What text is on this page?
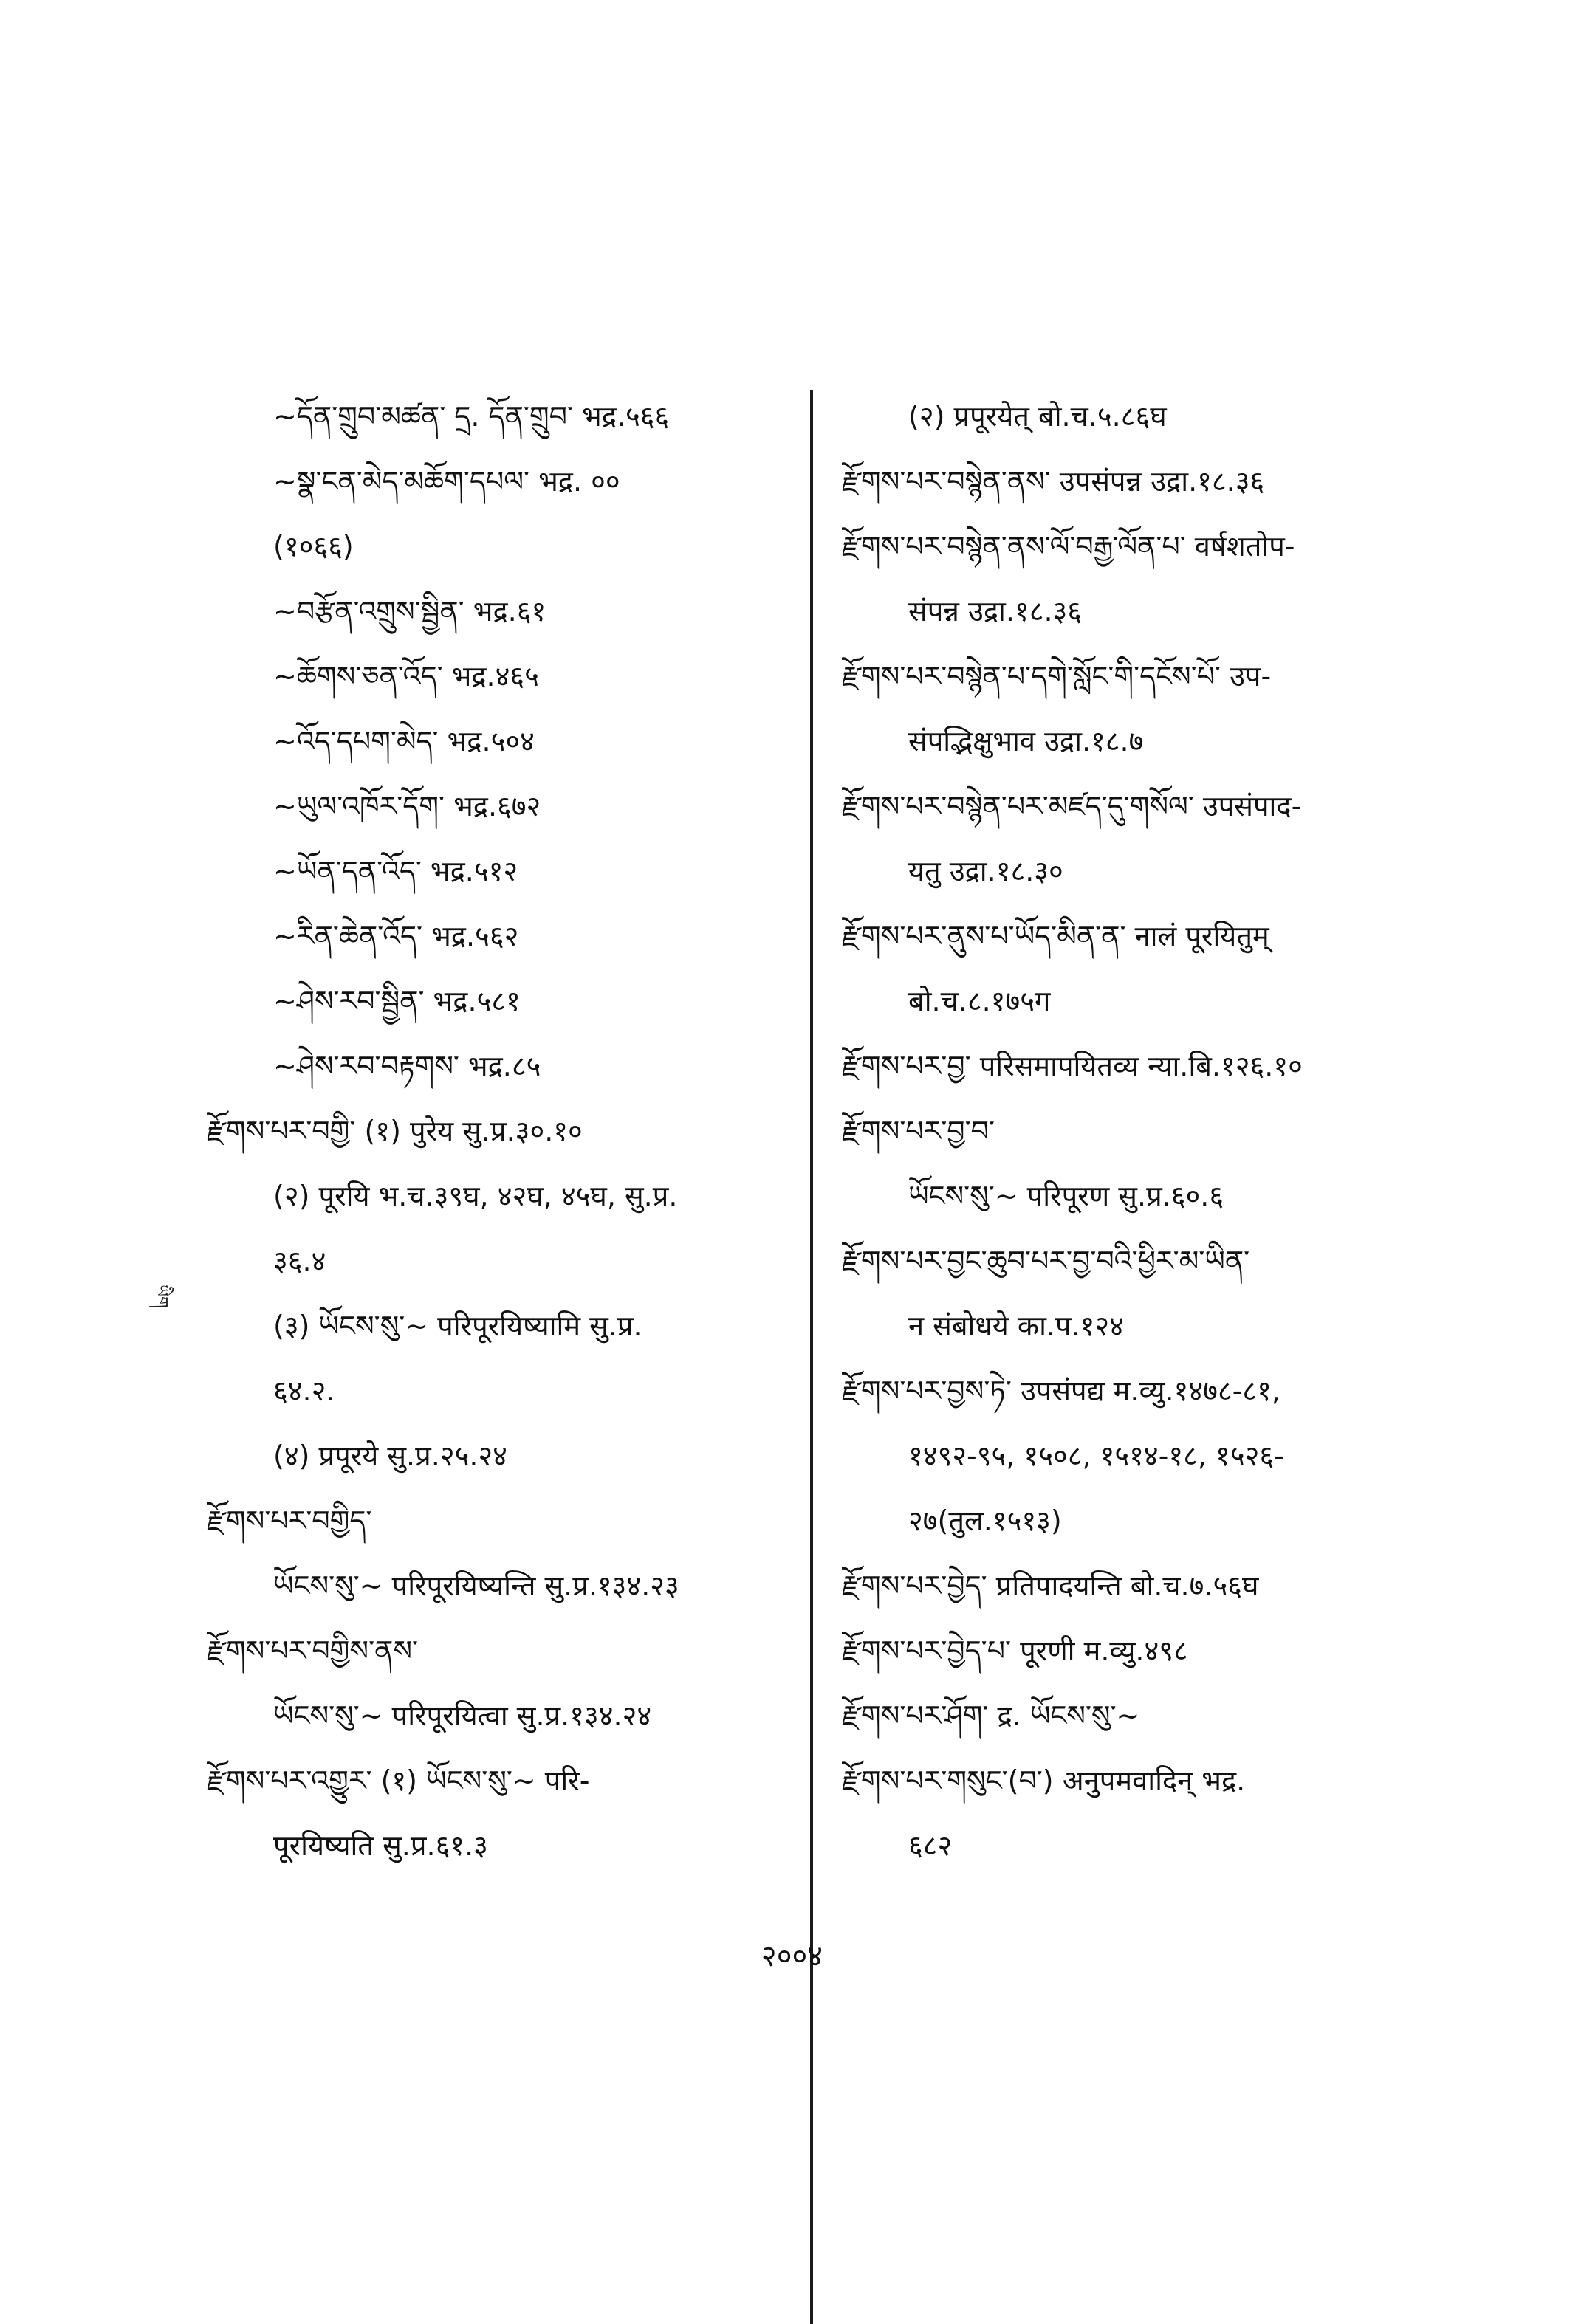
~དོན་གྲུབ་མཚན་ དྲ. དོན་གྲུབ་ भद्र.५६६
~སྣ་ངན་མེད་མཆོག་དཔལ་ भद्र. ००
(१०६६)
~བརྩོན་འགྲུས་སྦྱིན་ भद्र.६१
~ཆོགས་ཅན་འོད་ भद्र.४६५
~འོད་དཔག་མེད་ भद्र.५०४
~ཡུལ་འཁོར་དོག་ भद्र.६७२
~ཡོན་དན་འོད་ भद्र.५१२
~རིན་ཆེན་འོད་ भद्र.५६२
~ཤེས་རབ་སྦྱིན་ भद्र.५८१
~ཤེས་རབ་བརྟགས་ भद्र.८५
རྫོགས་པར་བགྱི་ (१) पुरेय सु.प्र.३०.१०
(२) पूरयि भ.च.३९घ, ४२घ, ४५घ, सु.प्र.
३६.४
(३) ཡོངས་སུ་~ परिपूरयिष्यामि सु.प्र.
६४.२.
(४) प्रपूरये सु.प्र.२५.२४
རྫོགས་པར་བགྱིད་
ཡོངས་སུ་~ परिपूरयिष्यन्ति सु.प्र.१३४.२३
རྫོགས་པར་བགྱིས་ནས་
ཡོངས་སུ་~ परिपूरयित्वा सु.प्र.१३४.२४
རྫོགས་པར་འགྱུར་ (१) ཡོངས་སུ་~ परि-
पूरयिष्यति सु.प्र.६१.३
(२) प्रपूरयेत् बो.च.५.८६घ
རྫོགས་པར་བསྙེན་ནས་ उपसंपन्न उद्रा.१८.३६
རྫོགས་པར་བསྙེན་ནས་ལོ་བརྒྱ་ལོན་པ་ वर्षशतोप-
संपन्न उद्रा.१८.३६
རྫོགས་པར་བསྙེན་པ་དགེ་སློང་གི་དངོས་པོ་ उप-
संपद्भिक्षुभाव उद्रा.१८.७
རྫོགས་པར་བསྙེན་པར་མཛད་དུ་གསོལ་ उपसंपाद-
यतु उद्रा.१८.३०
རྫོགས་པར་ནུས་པ་ཡོད་མིན་ན་ नालं पूरयितुम्
बो.च.८.१७५ग
རྫོགས་པར་བྱ་ परिसमापयितव्य न्या.बि.१२६.१०
རྫོགས་པར་བྱ་བ་
ཡོངས་སུ་~ परिपूरण सु.प्र.६०.६
རྫོགས་པར་བྱང་ཆུབ་པར་བྱ་བའི་ཕྱིར་མ་ཡིན་
न संबोधये का.प.१२४
རྫོགས་པར་བྱས་ཏེ་ उपसंपद्य म.व्यु.१४७८-८१,
१४९२-९५, १५०८, १५१४-१८, १५२६-
२७(तुल.१५१३)
རྫོགས་པར་བྱེད་ प्रतिपादयन्ति बो.च.७.५६घ
རྫོགས་པར་བྱེད་པ་ पूरणी म.व्यु.४९८
རྫོགས་པར་ཤོག་ द्र. ཡོངས་སུ་~
རྫོགས་པར་གསུང་(བ་) अनुपमवादिन् भद्र.
६८२
ཡིག
२००४
